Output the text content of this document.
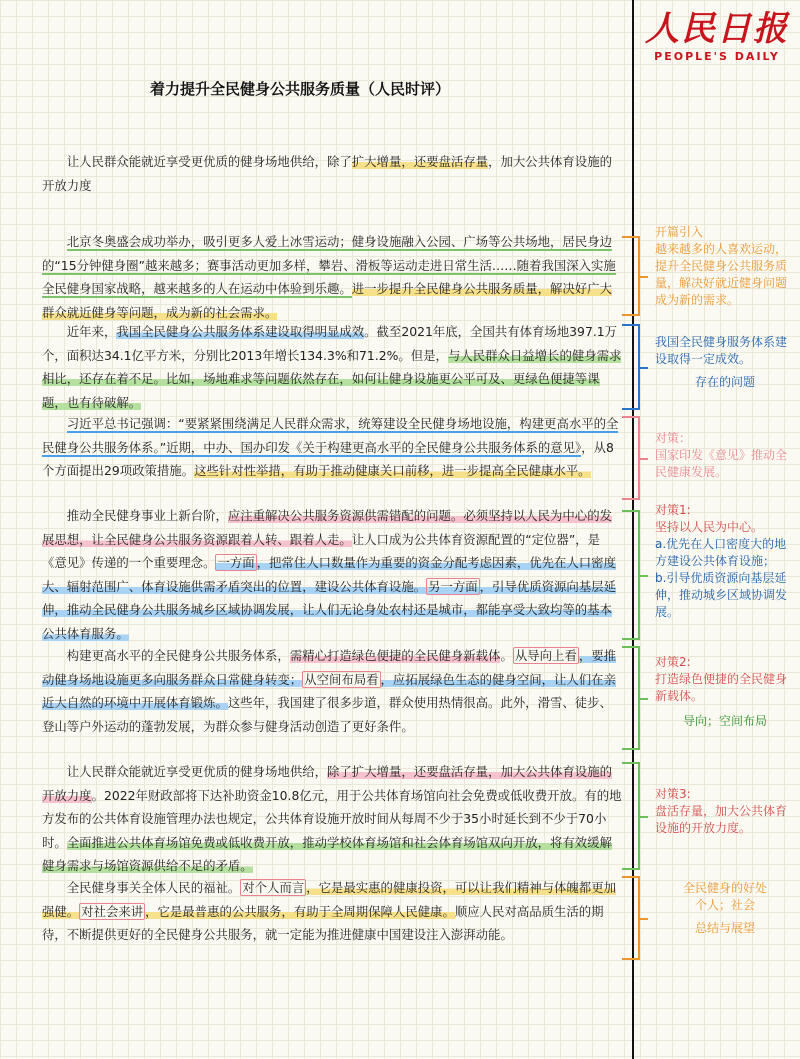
人民日报
PEOPLE'S DAILY
着力提升全民健身公共服务质量（人民时评）
让人民群众能就近享受更优质的健身场地供给，除了扩大增量，还要盘活存量，加大公共体育设施的开放力度
北京冬奥盛会成功举办，吸引更多人爱上冰雪运动；健身设施融入公园、广场等公共场地，居民身边的“15分钟健身圈”越来越多；赛事活动更加多样，攀岩、滑板等运动走进日常生活……随着我国深入实施全民健身国家战略，越来越多的人在运动中体验到乐趣。进一步提升全民健身公共服务质量，解决好广大群众就近健身等问题，成为新的社会需求。
近年来，我国全民健身公共服务体系建设取得明显成效。截至2021年底，全国共有体育场地397.1万个，面积达34.1亿平方米，分别比2013年增长134.3%和71.2%。但是，与人民群众日益增长的健身需求相比，还存在着不足。比如，场地难求等问题依然存在，如何让健身设施更公平可及、更绿色便捷等课题，也有待破解。
习近平总书记强调：“要紧紧围绕满足人民群众需求，统筹建设全民健身场地设施，构建更高水平的全民健身公共服务体系。”近期，中办、国办印发《关于构建更高水平的全民健身公共服务体系的意见》，从8个方面提出29项政策措施。这些针对性举措，有助于推动健康关口前移，进一步提高全民健康水平。
推动全民健身事业上新台阶，应注重解决公共服务资源供需错配的问题。必须坚持以人民为中心的发展思想，让全民健身公共服务资源跟着人转、跟着人走。让人口成为公共体育资源配置的“定位器”，是《意见》传递的一个重要理念。 一方面 ，把常住人口数量作为重要的资金分配考虑因素，优先在人口密度大、辐射范围广、体育设施供需矛盾突出的位置，建设公共体育设施。 另一方面 ，引导优质资源向基层延伸，推动全民健身公共服务城乡区域协调发展，让人们无论身处农村还是城市，都能享受大致均等的基本公共体育服务。
构建更高水平的全民健身公共服务体系，需精心打造绿色便捷的全民健身新载体。 从导向上看 ，要推动健身场地设施更多向服务群众日常健身转变； 从空间布局看 ，应拓展绿色生态的健身空间，让人们在亲近大自然的环境中开展体育锻炼。这些年，我国建了很多步道，群众使用热情很高。此外，滑雪、徒步、登山等户外运动的蓬勃发展，为群众参与健身活动创造了更好条件。
让人民群众能就近享受更优质的健身场地供给，除了扩大增量，还要盘活存量，加大公共体育设施的开放力度。2022年财政部将下达补助资金10.8亿元，用于公共体育场馆向社会免费或低收费开放。有的地方发布的公共体育设施管理办法也规定，公共体育设施开放时间从每周不少于35小时延长到不少于70小时。全面推进公共体育场馆免费或低收费开放，推动学校体育场馆和社会体育场馆双向开放，将有效缓解健身需求与场馆资源供给不足的矛盾。
全民健身事关全体人民的福祉。 对个人而言 ，它是最实惠的健康投资，可以让我们精神与体魄都更加强健。 对社会来讲 ，它是最普惠的公共服务，有助于全周期保障人民健康。顺应人民对高品质生活的期待，不断提供更好的全民健身公共服务，就一定能为推进健康中国建设注入澎湃动能。
开篇引入
越来越多的人喜欢运动，提升全民健身公共服务质量，解决好就近健身问题成为新的需求。
我国全民健身服务体系建设取得一定成效。
存在的问题
对策：
国家印发《意见》推动全民健康发展。
对策1:
坚持以人民为中心。
a.优先在人口密度大的地方建设公共体育设施；
b.引导优质资源向基层延伸，推动城乡区域协调发展。
对策2:
打造绿色便捷的全民健身新载体。
导向；空间布局
对策3:
盘活存量，加大公共体育设施的开放力度。
全民健身的好处
个人；社会
总结与展望
